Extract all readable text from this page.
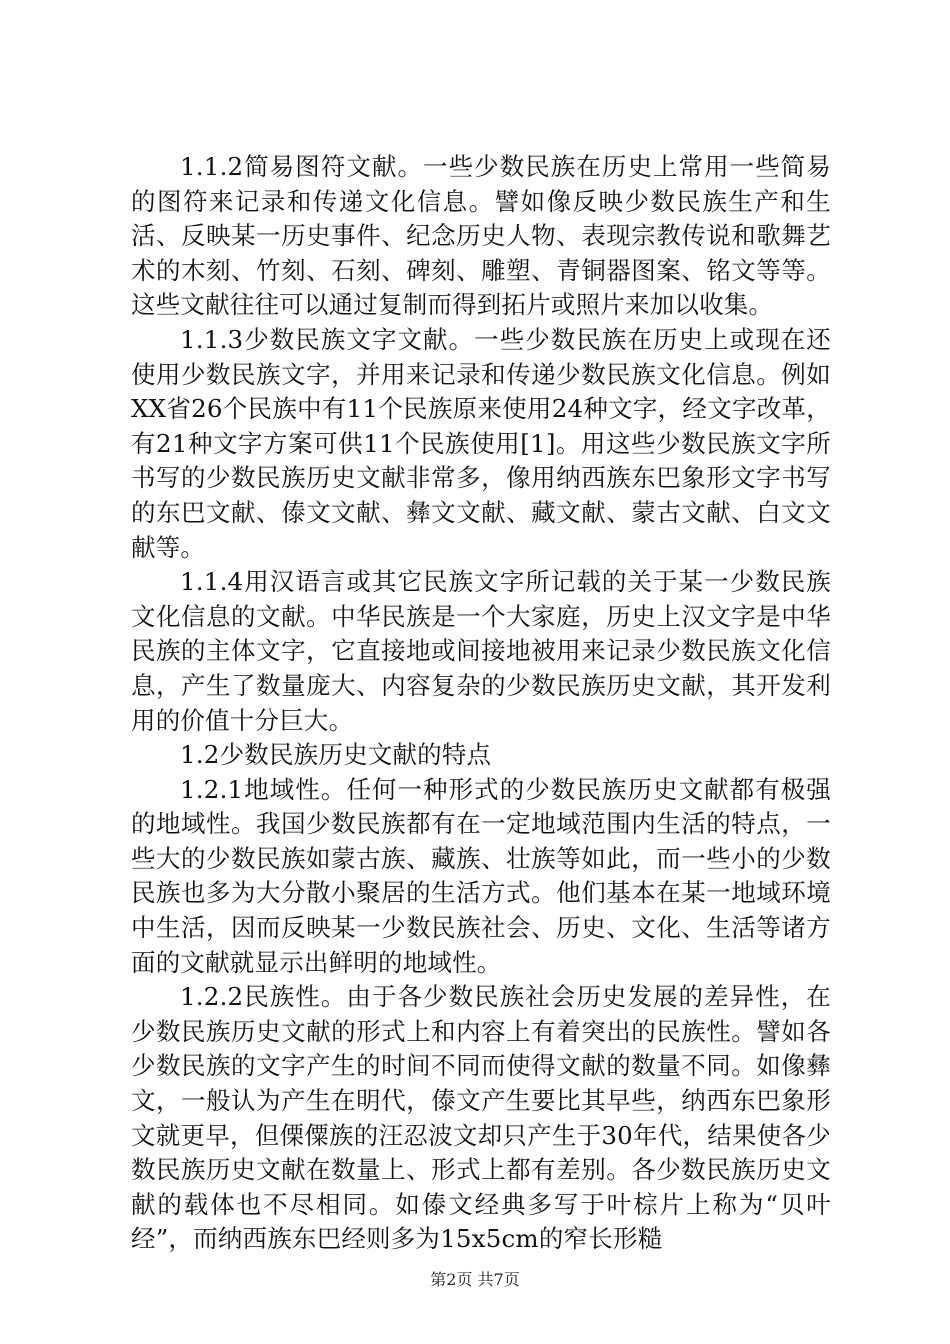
1.1.2简易图符文献。一些少数民族在历史上常用一些简易的图符来记录和传递文化信息。譬如像反映少数民族生产和生活、反映某一历史事件、纪念历史人物、表现宗教传说和歌舞艺术的木刻、竹刻、石刻、碑刻、雕塑、青铜器图案、铭文等等。这些文献往往可以通过复制而得到拓片或照片来加以收集。

1.1.3少数民族文字文献。一些少数民族在历史上或现在还使用少数民族文字，并用来记录和传递少数民族文化信息。例如XX省26个民族中有11个民族原来使用24种文字，经文字改革，有21种文字方案可供11个民族使用[1]。用这些少数民族文字所书写的少数民族历史文献非常多，像用纳西族东巴象形文字书写的东巴文献、傣文文献、彝文文献、藏文献、蒙古文献、白文文献等。

1.1.4用汉语言或其它民族文字所记载的关于某一少数民族文化信息的文献。中华民族是一个大家庭，历史上汉文字是中华民族的主体文字，它直接地或间接地被用来记录少数民族文化信息，产生了数量庞大、内容复杂的少数民族历史文献，其开发利用的价值十分巨大。

1.2少数民族历史文献的特点

1.2.1地域性。任何一种形式的少数民族历史文献都有极强的地域性。我国少数民族都有在一定地域范围内生活的特点，一些大的少数民族如蒙古族、藏族、壮族等如此，而一些小的少数民族也多为大分散小聚居的生活方式。他们基本在某一地域环境中生活，因而反映某一少数民族社会、历史、文化、生活等诸方面的文献就显示出鲜明的地域性。

1.2.2民族性。由于各少数民族社会历史发展的差异性，在少数民族历史文献的形式上和内容上有着突出的民族性。譬如各少数民族的文字产生的时间不同而使得文献的数量不同。如像彝文，一般认为产生在明代，傣文产生要比其早些，纳西东巴象形文就更早，但傈僳族的汪忍波文却只产生于30年代，结果使各少数民族历史文献在数量上、形式上都有差别。各少数民族历史文献的载体也不尽相同。如傣文经典多写于叶棕片上称为“贝叶经”，而纳西族东巴经则多为15x5cm的窄长形糙

第2页 共7页
